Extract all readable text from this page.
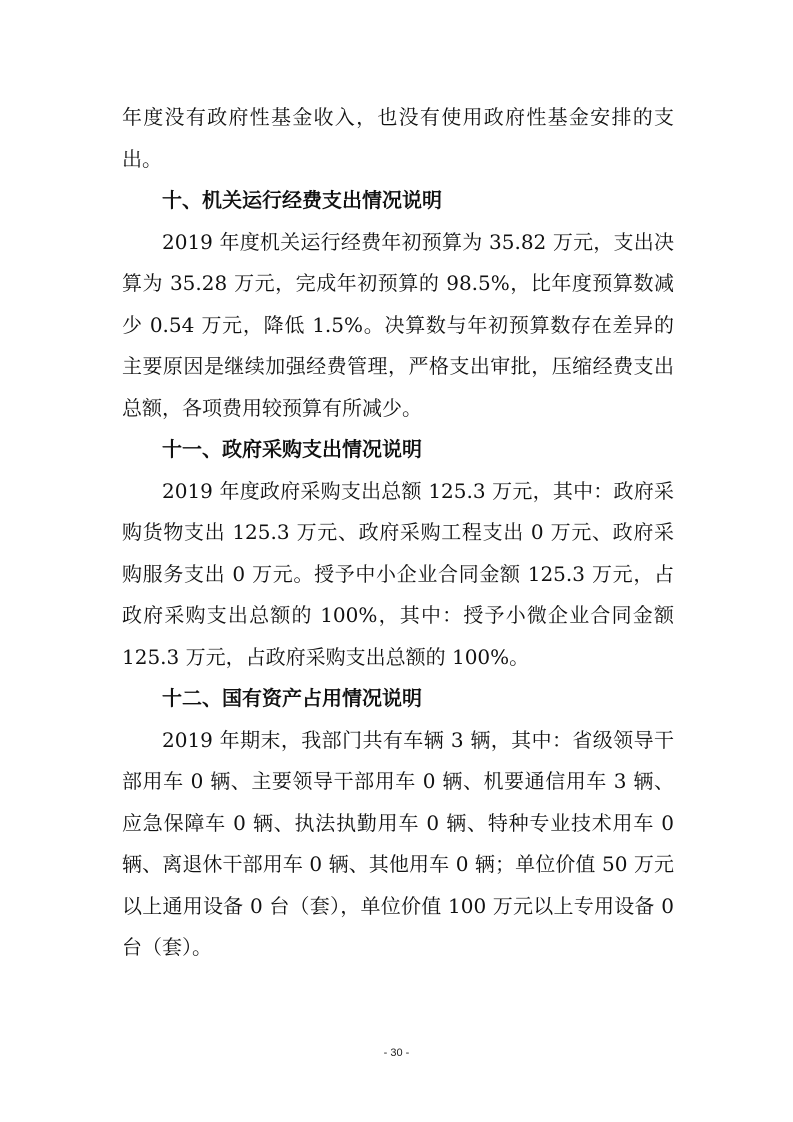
年度没有政府性基金收入，也没有使用政府性基金安排的支出。

十、机关运行经费支出情况说明

2019 年度机关运行经费年初预算为 35.82 万元，支出决算为 35.28 万元，完成年初预算的 98.5%，比年度预算数减少 0.54 万元，降低 1.5%。决算数与年初预算数存在差异的主要原因是继续加强经费管理，严格支出审批，压缩经费支出总额，各项费用较预算有所减少。

十一、政府采购支出情况说明

2019 年度政府采购支出总额 125.3 万元，其中：政府采购货物支出 125.3 万元、政府采购工程支出 0 万元、政府采购服务支出 0 万元。授予中小企业合同金额 125.3 万元，占政府采购支出总额的 100%，其中：授予小微企业合同金额 125.3 万元，占政府采购支出总额的 100%。

十二、国有资产占用情况说明

2019 年期末，我部门共有车辆 3 辆，其中：省级领导干部用车 0 辆、主要领导干部用车 0 辆、机要通信用车 3 辆、应急保障车 0 辆、执法执勤用车 0 辆、特种专业技术用车 0 辆、离退休干部用车 0 辆、其他用车 0 辆；单位价值 50 万元以上通用设备 0 台（套），单位价值 100 万元以上专用设备 0 台（套）。

- 30 -
